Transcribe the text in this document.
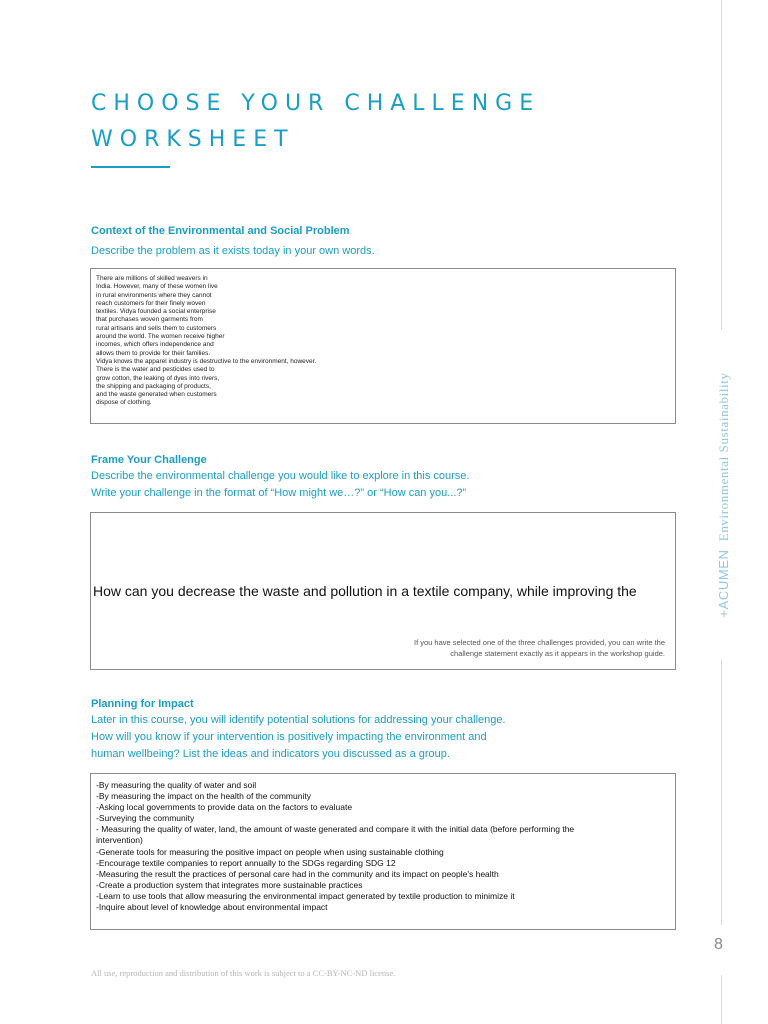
CHOOSE YOUR CHALLENGE
WORKSHEET
Context of the Environmental and Social Problem

Describe the problem as it exists today in your own words.

There are millions of skilled weavers in
India. However, many of these women live
in rural environments where they cannot
reach customers for their finely woven
textiles. Vidya founded a social enterprise
that purchases woven garments from
rural artisans and sells them to customers
around the world. The women receive higher
incomes, which offers independence and
allows them to provide for their families.
Vidya knows the apparel industry is destructive to the environment, however.
There is the water and pesticides used to
grow cotton, the leaking of dyes into rivers,
the shipping and packaging of products,
and the waste generated when customers
dispose of clothing.
Frame Your Challenge

Describe the environmental challenge you would like to explore in this course.
Write your challenge in the format of “How might we…?” or “How can you...?”

How can you decrease the waste and pollution in a textile company, while improving the
If you have selected one of the three challenges provided, you can write the
challenge statement exactly as it appears in the workshop guide.
Planning for Impact

Later in this course, you will identify potential solutions for addressing your challenge.
How will you know if your intervention is positively impacting the environment and
human wellbeing? List the ideas and indicators you discussed as a group.

-By measuring the quality of water and soil
-By measuring the impact on the health of the community
-Asking local governments to provide data on the factors to evaluate
-Surveying the community
- Measuring the quality of water, land, the amount of waste generated and compare it with the initial data (before performing the
intervention)
-Generate tools for measuring the positive impact on people when using sustainable clothing
-Encourage textile companies to report annually to the SDGs regarding SDG 12
-Measuring the result the practices of personal care had in the community and its impact on people's health
-Create a production system that integrates more sustainable practices
-Learn to use tools that allow measuring the environmental impact generated by textile production to minimize it
-Inquire about level of knowledge about environmental impact
All use, reproduction and distribution of this work is subject to a CC-BY-NC-ND license.
+ACUMEN Environmental Sustainability
8
